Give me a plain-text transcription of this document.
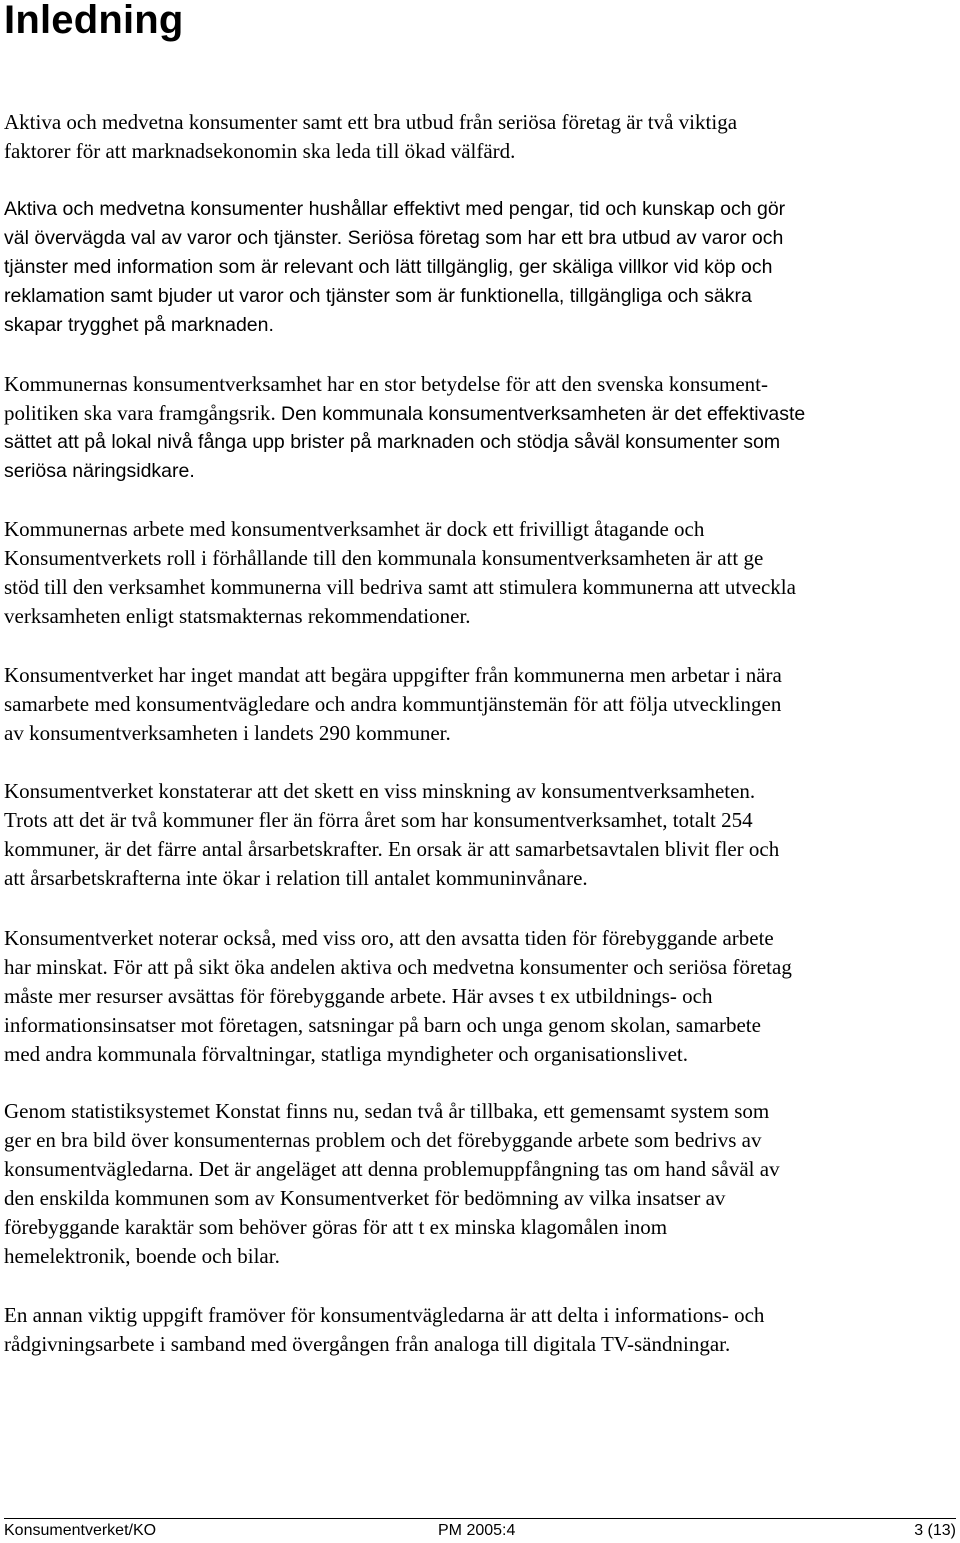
Inledning
Aktiva och medvetna konsumenter samt ett bra utbud från seriösa företag är två viktiga
faktorer för att marknadsekonomin ska leda till ökad välfärd.
Aktiva och medvetna konsumenter hushållar effektivt med pengar, tid och kunskap och gör
väl övervägda val av varor och tjänster. Seriösa företag som har ett bra utbud av varor och
tjänster med information som är relevant och lätt tillgänglig, ger skäliga villkor vid köp och
reklamation samt bjuder ut varor och tjänster som är funktionella, tillgängliga och säkra
skapar trygghet på marknaden.
Kommunernas konsumentverksamhet har en stor betydelse för att den svenska konsument-
politiken ska vara framgångsrik. Den kommunala konsumentverksamheten är det effektivaste
sättet att på lokal nivå fånga upp brister på marknaden och stödja såväl konsumenter som
seriösa näringsidkare.
Kommunernas arbete med konsumentverksamhet är dock ett frivilligt åtagande och
Konsumentverkets roll i förhållande till den kommunala konsumentverksamheten är att ge
stöd till den verksamhet kommunerna vill bedriva samt att stimulera kommunerna att utveckla
verksamheten enligt statsmakternas rekommendationer.
Konsumentverket har inget mandat att begära uppgifter från kommunerna men arbetar i nära
samarbete med konsumentvägledare och andra kommuntjänstemän för att följa utvecklingen
av konsumentverksamheten i landets 290 kommuner.
Konsumentverket konstaterar att det skett en viss minskning av konsumentverksamheten.
Trots att det är två kommuner fler än förra året som har konsumentverksamhet, totalt 254
kommuner, är det färre antal årsarbetskrafter. En orsak är att samarbetsavtalen blivit fler och
att årsarbetskrafterna inte ökar i relation till antalet kommuninvånare.
Konsumentverket noterar också, med viss oro, att den avsatta tiden för förebyggande arbete
har minskat. För att på sikt öka andelen aktiva och medvetna konsumenter och seriösa företag
måste mer resurser avsättas för förebyggande arbete. Här avses t ex utbildnings- och
informationsinsatser mot företagen, satsningar på barn och unga genom skolan, samarbete
med andra kommunala förvaltningar, statliga myndigheter och organisationslivet.
Genom statistiksystemet Konstat finns nu, sedan två år tillbaka, ett gemensamt system som
ger en bra bild över konsumenternas problem och det förebyggande arbete som bedrivs av
konsumentvägledarna. Det är angeläget att denna problemuppfångning tas om hand såväl av
den enskilda kommunen som av Konsumentverket för bedömning av vilka insatser av
förebyggande karaktär som behöver göras för att t ex minska klagomålen inom
hemelektronik, boende och bilar.
En annan viktig uppgift framöver för konsumentvägledarna är att delta i informations- och
rådgivningsarbete i samband med övergången från analoga till digitala TV-sändningar.
Konsumentverket/KO	PM 2005:4	3 (13)
